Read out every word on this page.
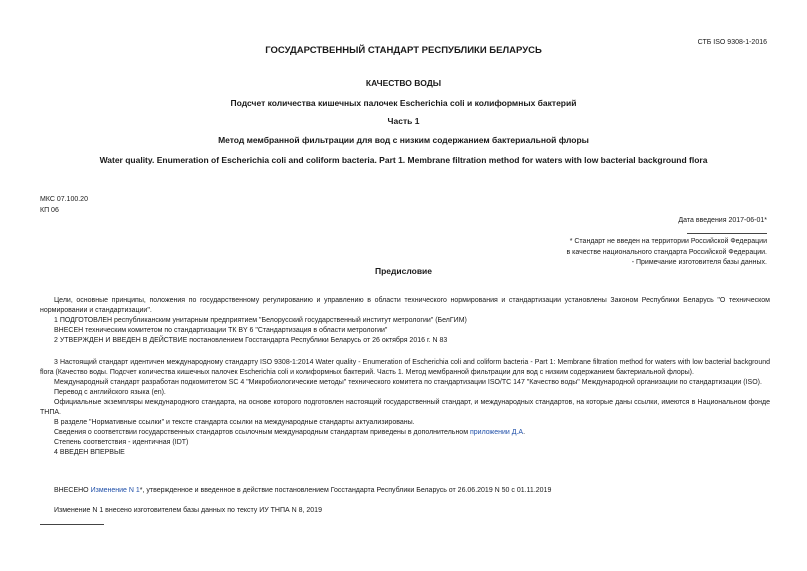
СТБ ISO 9308-1-2016
ГОСУДАРСТВЕННЫЙ СТАНДАРТ РЕСПУБЛИКИ БЕЛАРУСЬ
КАЧЕСТВО ВОДЫ
Подсчет количества кишечных палочек Escherichia coli и колиформных бактерий
Часть 1
Метод мембранной фильтрации для вод с низким содержанием бактериальной флоры
Water quality. Enumeration of Escherichia coli and coliform bacteria. Part 1. Membrane filtration method for waters with low bacterial background flora
МКС 07.100.20
КП 06
Дата введения 2017-06-01*
* Стандарт не введен на территории Российской Федерации
в качестве национального стандарта Российской Федерации.
- Примечание изготовителя базы данных.
Предисловие
Цели, основные принципы, положения по государственному регулированию и управлению в области технического нормирования и стандартизации установлены Законом Республики Беларусь "О техническом нормировании и стандартизации".
1 ПОДГОТОВЛЕН республиканским унитарным предприятием "Белорусский государственный институт метрологии" (БелГИМ)
ВНЕСЕН техническим комитетом по стандартизации ТК BY 6 "Стандартизация в области метрологии"
2 УТВЕРЖДЕН И ВВЕДЕН В ДЕЙСТВИЕ постановлением Госстандарта Республики Беларусь от 26 октября 2016 г. N 83
3 Настоящий стандарт идентичен международному стандарту ISO 9308-1:2014 Water quality - Enumeration of Escherichia coli and coliform bacteria - Part 1: Membrane filtration method for waters with low bacterial background flora (Качество воды. Подсчет количества кишечных палочек Escherichia coli и колиформных бактерий. Часть 1. Метод мембранной фильтрации для вод с низким содержанием бактериальной флоры).
Международный стандарт разработан подкомитетом SC 4 "Микробиологические методы" технического комитета по стандартизации ISO/TC 147 "Качество воды" Международной организации по стандартизации (ISO).
Перевод с английского языка (en).
Официальные экземпляры международного стандарта, на основе которого подготовлен настоящий государственный стандарт, и международных стандартов, на которые даны ссылки, имеются в Национальном фонде ТНПА.
В разделе "Нормативные ссылки" и тексте стандарта ссылки на международные стандарты актуализированы.
Сведения о соответствии государственных стандартов ссылочным международным стандартам приведены в дополнительном приложении Д.А.
Степень соответствия - идентичная (IDT)
4 ВВЕДЕН ВПЕРВЫЕ
ВНЕСЕНО Изменение N 1*, утвержденное и введенное в действие постановлением Госстандарта Республики Беларусь от 26.06.2019 N 50 с 01.11.2019
Изменение N 1 внесено изготовителем базы данных по тексту ИУ ТНПА N 8, 2019
